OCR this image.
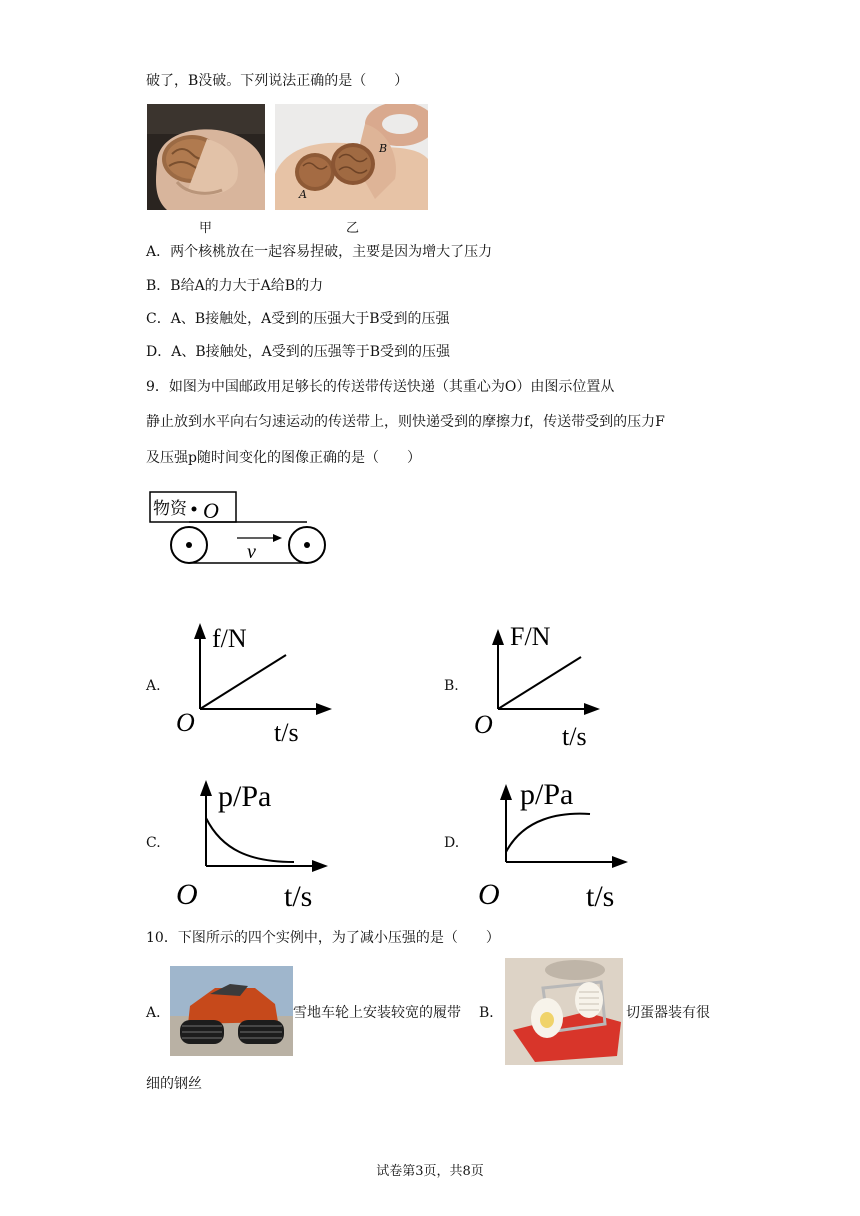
破了，B没破。下列说法正确的是（　　）
A
B
甲	乙
A．两个核桃放在一起容易捏破，主要是因为增大了压力
B．B给A的力大于A给B的力
C．A、B接触处，A受到的压强大于B受到的压强
D．A、B接触处，A受到的压强等于B受到的压强
9．如图为中国邮政用足够长的传送带传送快递（其重心为O）由图示位置从
静止放到水平向右匀速运动的传送带上，则快递受到的摩擦力f，传送带受到的压力F
及压强p随时间变化的图像正确的是（　　）
物资 O
v
A.
f/N
O	t/s
B.
F/N
O	t/s
C.
p/Pa
O	t/s
D.
p/Pa
O	t/s
10．下图所示的四个实例中，为了减小压强的是（　　）
A．	雪地车轮上安装较宽的履带 B．	切蛋器装有很
细的钢丝
试卷第3页，共8页
